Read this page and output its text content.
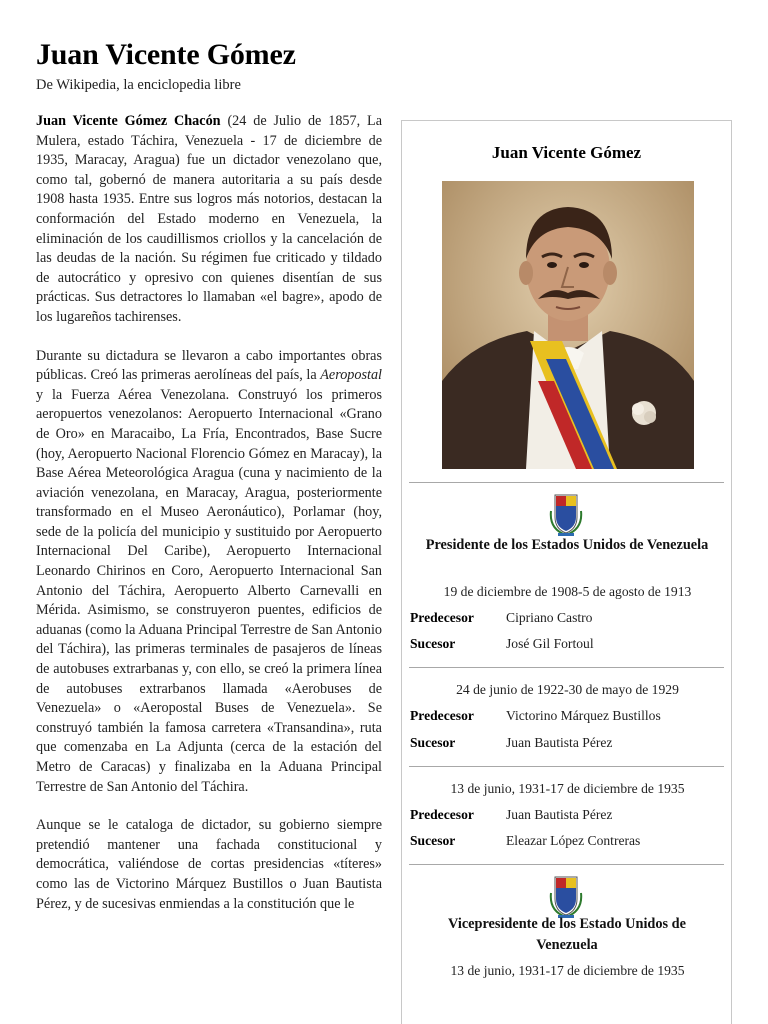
Juan Vicente Gómez
De Wikipedia, la enciclopedia libre

Juan Vicente Gómez Chacón (24 de Julio de 1857, La Mulera, estado Táchira, Venezuela - 17 de diciembre de 1935, Maracay, Aragua) fue un dictador venezolano que, como tal, gobernó de manera autoritaria a su país desde 1908 hasta 1935. Entre sus logros más notorios, destacan la conformación del Estado moderno en Venezuela, la eliminación de los caudillismos criollos y la cancelación de las deudas de la nación. Su régimen fue criticado y tildado de autocrático y opresivo con quienes disentían de sus prácticas. Sus detractores lo llamaban «el bagre», apodo de los lugareños tachirenses.

Durante su dictadura se llevaron a cabo importantes obras públicas. Creó las primeras aerolíneas del país, la Aeropostal y la Fuerza Aérea Venezolana. Construyó los primeros aeropuertos venezolanos: Aeropuerto Internacional «Grano de Oro» en Maracaibo, La Fría, Encontrados, Base Sucre (hoy, Aeropuerto Nacional Florencio Gómez en Maracay), la Base Aérea Meteorológica Aragua (cuna y nacimiento de la aviación venezolana, en Maracay, Aragua, posteriormente transformado en el Museo Aeronáutico), Porlamar (hoy, sede de la policía del municipio y sustituido por Aeropuerto Internacional Del Caribe), Aeropuerto Internacional Leonardo Chirinos en Coro, Aeropuerto Internacional San Antonio del Táchira, Aeropuerto Alberto Carnevalli en Mérida. Asimismo, se construyeron puentes, edificios de aduanas (como la Aduana Principal Terrestre de San Antonio del Táchira), las primeras terminales de pasajeros de líneas de autobuses extrarbanas y, con ello, se creó la primera línea de autobuses extrarbanos llamada «Aerobuses de Venezuela» o «Aeropostal Buses de Venezuela». Se construyó también la famosa carretera «Transandina», ruta que comenzaba en La Adjunta (cerca de la estación del Metro de Caracas) y finalizaba en la Aduana Principal Terrestre de San Antonio del Táchira.

Aunque se le cataloga de dictador, su gobierno siempre pretendió mantener una fachada constitucional y democrática, valiéndose de cortas presidencias «títeres» como las de Victorino Márquez Bustillos o Juan Bautista Pérez, y de sucesivas enmiendas a la constitución que le

Juan Vicente Gómez
Presidente de los Estados Unidos de Venezuela
19 de diciembre de 1908-5 de agosto de 1913
Predecesor Cipriano Castro
Sucesor	José Gil Fortoul
24 de junio de 1922-30 de mayo de 1929
Predecesor Victorino Márquez Bustillos
Sucesor	Juan Bautista Pérez
13 de junio, 1931-17 de diciembre de 1935
Predecesor Juan Bautista Pérez
Sucesor	Eleazar López Contreras
Vicepresidente de los Estado Unidos de Venezuela
13 de junio, 1931-17 de diciembre de 1935
